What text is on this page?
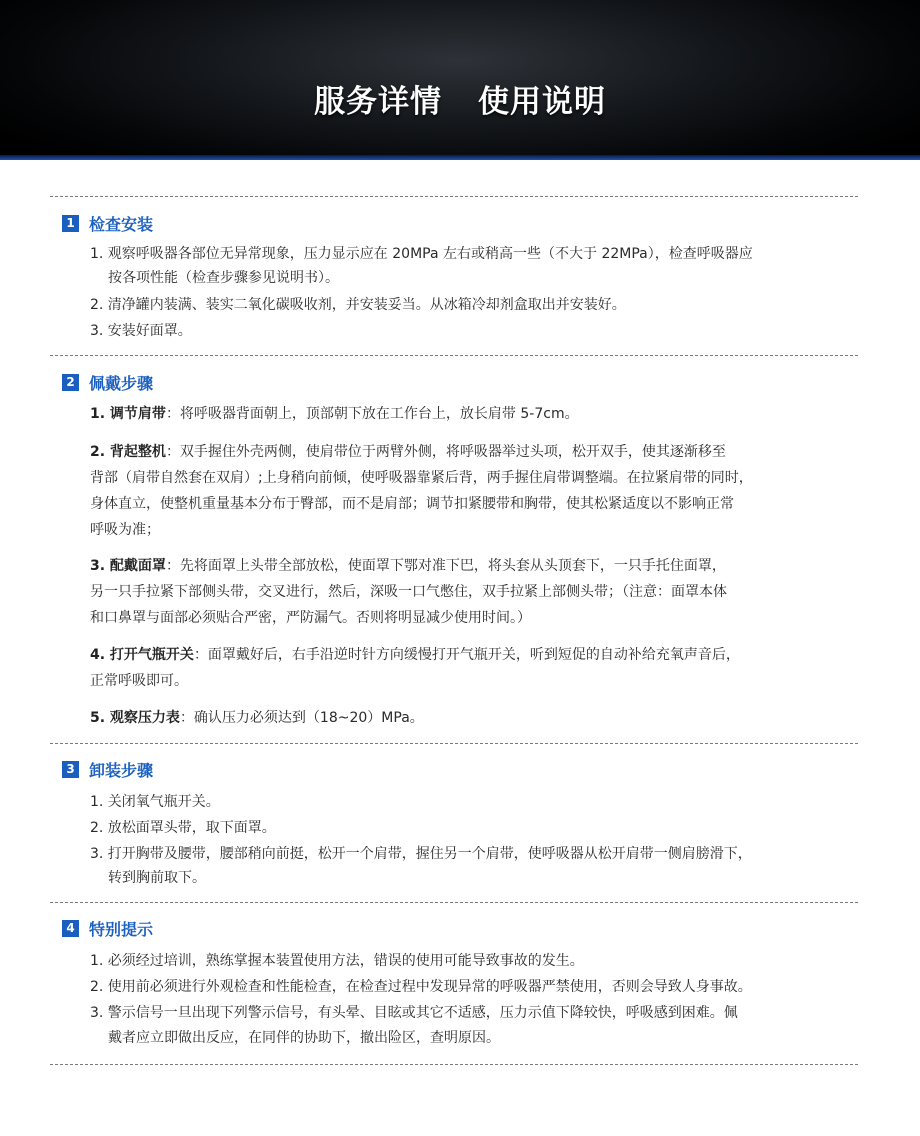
服务详情 使用说明
1 检查安装
1. 观察呼吸器各部位无异常现象，压力显示应在 20MPa 左右或稍高一些（不大于 22MPa），检查呼吸器应
按各项性能（检查步骤参见说明书）。
2. 清净罐内装满、装实二氧化碳吸收剂，并安装妥当。从冰箱冷却剂盒取出并安装好。
3. 安装好面罩。
2 佩戴步骤
1. 调节肩带：将呼吸器背面朝上，顶部朝下放在工作台上，放长肩带 5-7cm。
2. 背起整机：双手握住外壳两侧，使肩带位于两臂外侧，将呼吸器举过头项，松开双手，使其逐渐移至
背部（肩带自然套在双肩）;上身稍向前倾，使呼吸器靠紧后背，两手握住肩带调整端。在拉紧肩带的同时，
身体直立，使整机重量基本分布于臀部，而不是肩部；调节扣紧腰带和胸带，使其松紧适度以不影响正常
呼吸为准；
3. 配戴面罩：先将面罩上头带全部放松，使面罩下鄂对准下巴，将头套从头顶套下，一只手托住面罩，
另一只手拉紧下部侧头带，交叉进行，然后，深吸一口气憋住，双手拉紧上部侧头带；（注意：面罩本体
和口鼻罩与面部必须贴合严密，严防漏气。否则将明显减少使用时间。）
4. 打开气瓶开关：面罩戴好后，右手沿逆时针方向缓慢打开气瓶开关，听到短促的自动补给充氧声音后，
正常呼吸即可。
5. 观察压力表：确认压力必须达到（18~20）MPa。
3 卸装步骤
1. 关闭氧气瓶开关。
2. 放松面罩头带，取下面罩。
3. 打开胸带及腰带，腰部稍向前挺，松开一个肩带，握住另一个肩带，使呼吸器从松开肩带一侧肩膀滑下，
转到胸前取下。
4 特别提示
1. 必须经过培训，熟练掌握本装置使用方法，错误的使用可能导致事故的发生。
2. 使用前必须进行外观检查和性能检查，在检查过程中发现异常的呼吸器严禁使用，否则会导致人身事故。
3. 警示信号一旦出现下列警示信号，有头晕、目眩或其它不适感，压力示值下降较快，呼吸感到困难。佩
戴者应立即做出反应，在同伴的协助下，撤出险区，查明原因。
